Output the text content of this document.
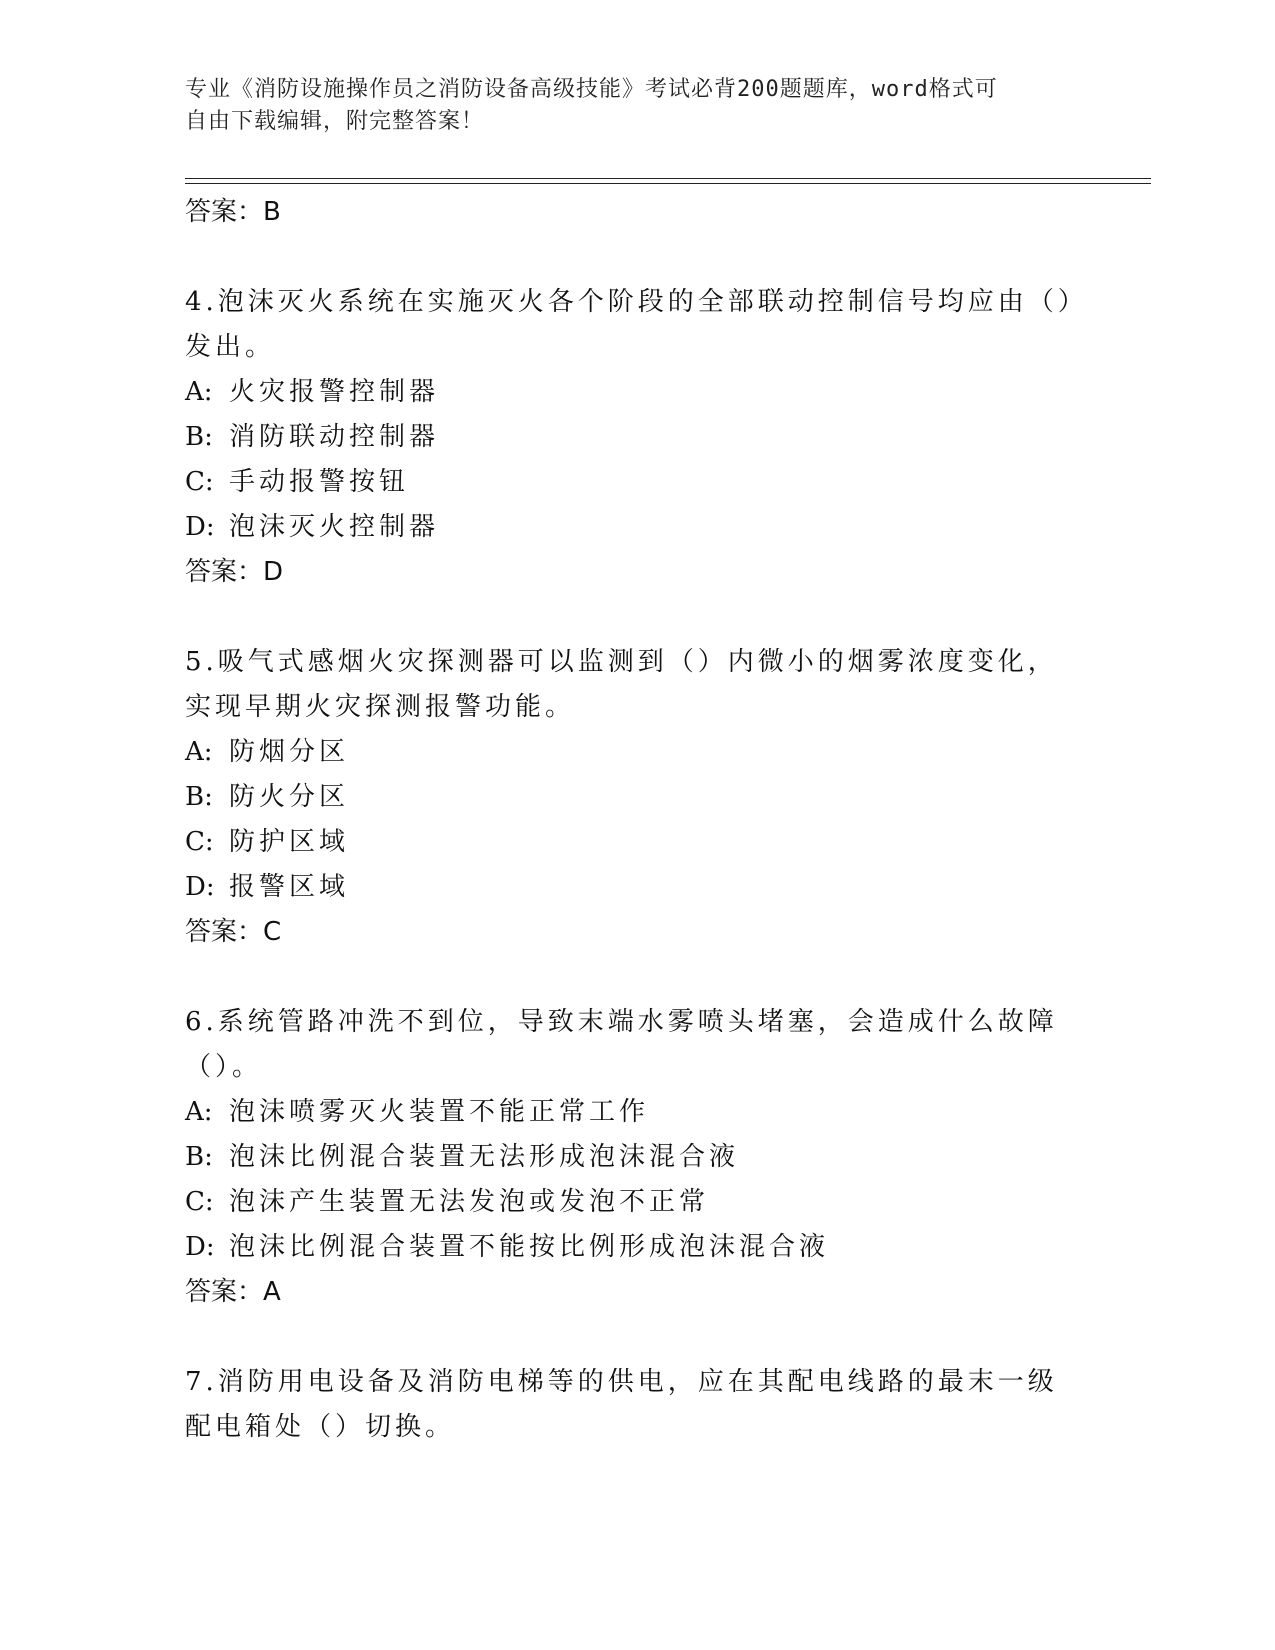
专业《消防设施操作员之消防设备高级技能》考试必背200题题库，word格式可
自由下载编辑，附完整答案！
答案：B
4.泡沫灭火系统在实施灭火各个阶段的全部联动控制信号均应由（）发出。
A: 火灾报警控制器
B: 消防联动控制器
C: 手动报警按钮
D: 泡沫灭火控制器
答案：D
5.吸气式感烟火灾探测器可以监测到（）内微小的烟雾浓度变化，实现早期火灾探测报警功能。
A: 防烟分区
B: 防火分区
C: 防护区域
D: 报警区域
答案：C
6.系统管路冲洗不到位，导致末端水雾喷头堵塞，会造成什么故障（）。
A: 泡沫喷雾灭火装置不能正常工作
B: 泡沫比例混合装置无法形成泡沫混合液
C: 泡沫产生装置无法发泡或发泡不正常
D: 泡沫比例混合装置不能按比例形成泡沫混合液
答案：A
7.消防用电设备及消防电梯等的供电，应在其配电线路的最末一级配电箱处（）切换。
